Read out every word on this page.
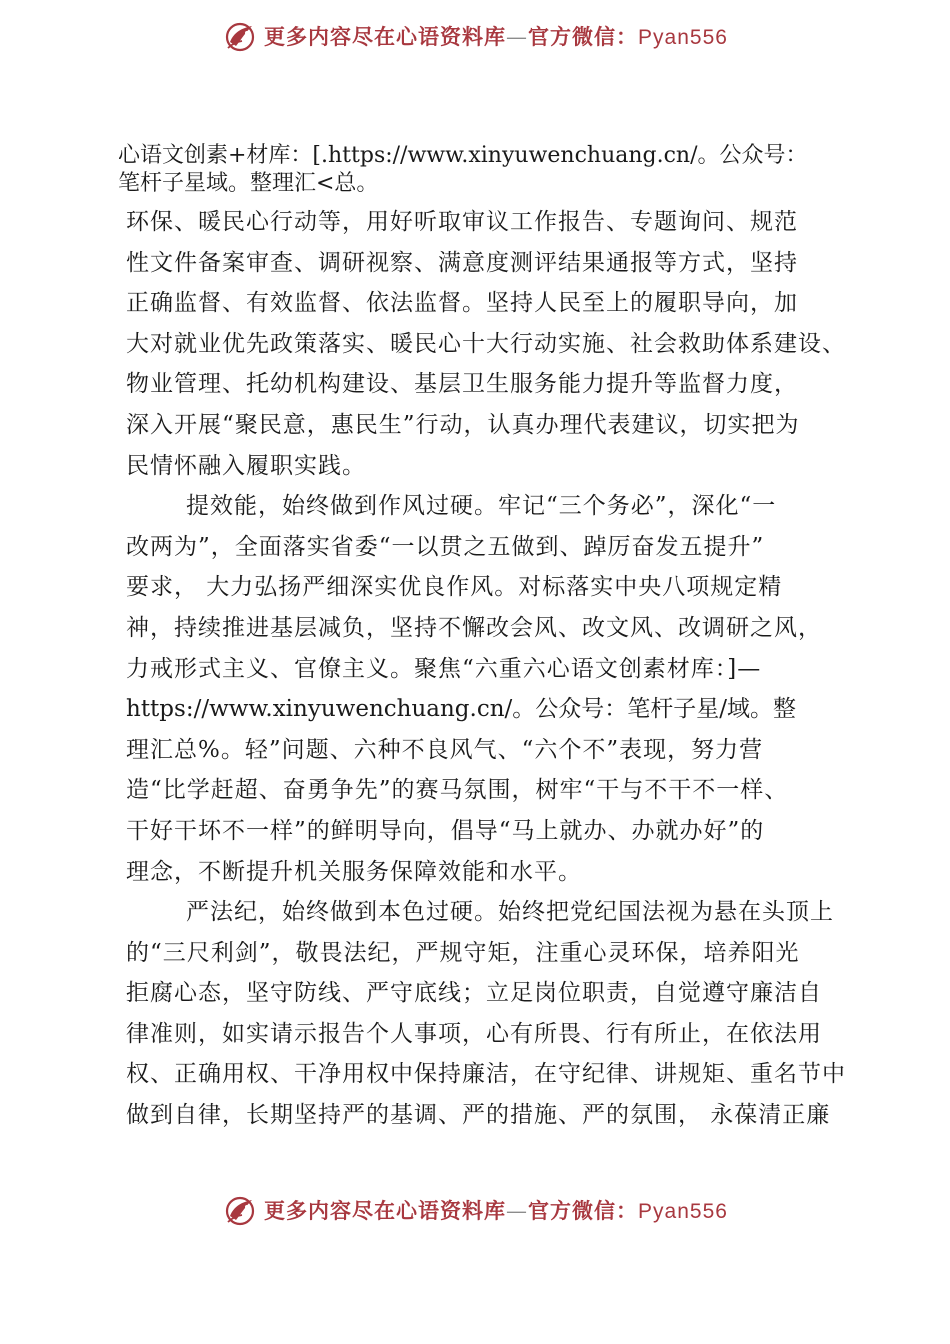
更多内容尽在心语资料库—官方微信：Pyan556
心语文创素+材库：[.https://www.xinyuwenchuang.cn/。公众号：
笔杆子星域。整理汇<总。
环保、暖民心行动等，用好听取审议工作报告、专题询问、规范
性文件备案审查、调研视察、满意度测评结果通报等方式，坚持
正确监督、有效监督、依法监督。坚持人民至上的履职导向，加
大对就业优先政策落实、暖民心十大行动实施、社会救助体系建设、
物业管理、托幼机构建设、基层卫生服务能力提升等监督力度，
深入开展“聚民意，惠民生”行动，认真办理代表建议，切实把为
民情怀融入履职实践。
提效能，始终做到作风过硬。牢记“三个务必”，深化“一
改两为”，全面落实省委“一以贯之五做到、踔厉奋发五提升”
要求， 大力弘扬严细深实优良作风。对标落实中央八项规定精
神，持续推进基层减负，坚持不懈改会风、改文风、改调研之风，
力戒形式主义、官僚主义。聚焦“六重六心语文创素材库：]—
https://www.xinyuwenchuang.cn/。公众号：笔杆子星/域。整
理汇总%。轻”问题、六种不良风气、“六个不”表现，努力营
造“比学赶超、奋勇争先”的赛马氛围，树牢“干与不干不一样、
干好干坏不一样”的鲜明导向，倡导“马上就办、办就办好”的
理念，不断提升机关服务保障效能和水平。
严法纪，始终做到本色过硬。始终把党纪国法视为悬在头顶上
的“三尺利剑”，敬畏法纪，严规守矩，注重心灵环保，培养阳光
拒腐心态，坚守防线、严守底线；立足岗位职责，自觉遵守廉洁自
律准则，如实请示报告个人事项，心有所畏、行有所止，在依法用
权、正确用权、干净用权中保持廉洁，在守纪律、讲规矩、重名节中
做到自律，长期坚持严的基调、严的措施、严的氛围， 永葆清正廉
更多内容尽在心语资料库—官方微信：Pyan556
